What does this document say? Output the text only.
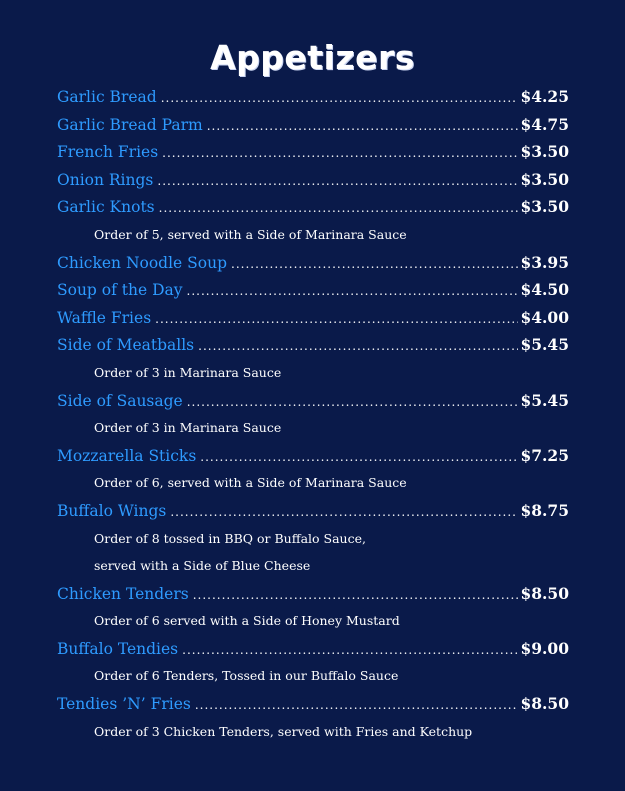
Appetizers
Garlic Bread .....	$4.25
Garlic Bread Parm .....	$4.75
French Fries .....	$3.50
Onion Rings .....	$3.50
Garlic Knots .....	$3.50
Order of 5, served with a Side of Marinara Sauce
Chicken Noodle Soup .....	$3.95
Soup of the Day .....	$4.50
Waffle Fries .....	$4.00
Side of Meatballs .....	$5.45
Order of 3 in Marinara Sauce
Side of Sausage .....	$5.45
Order of 3 in Marinara Sauce
Mozzarella Sticks .....	$7.25
Order of 6, served with a Side of Marinara Sauce
Buffalo Wings .....	$8.75
Order of 8 tossed in BBQ or Buffalo Sauce,
served with a Side of Blue Cheese
Chicken Tenders .....	$8.50
Order of 6 served with a Side of Honey Mustard
Buffalo Tendies .....	$9.00
Order of 6 Tenders, Tossed in our Buffalo Sauce
Tendies ’N’ Fries .....	$8.50
Order of 3 Chicken Tenders, served with Fries and Ketchup
